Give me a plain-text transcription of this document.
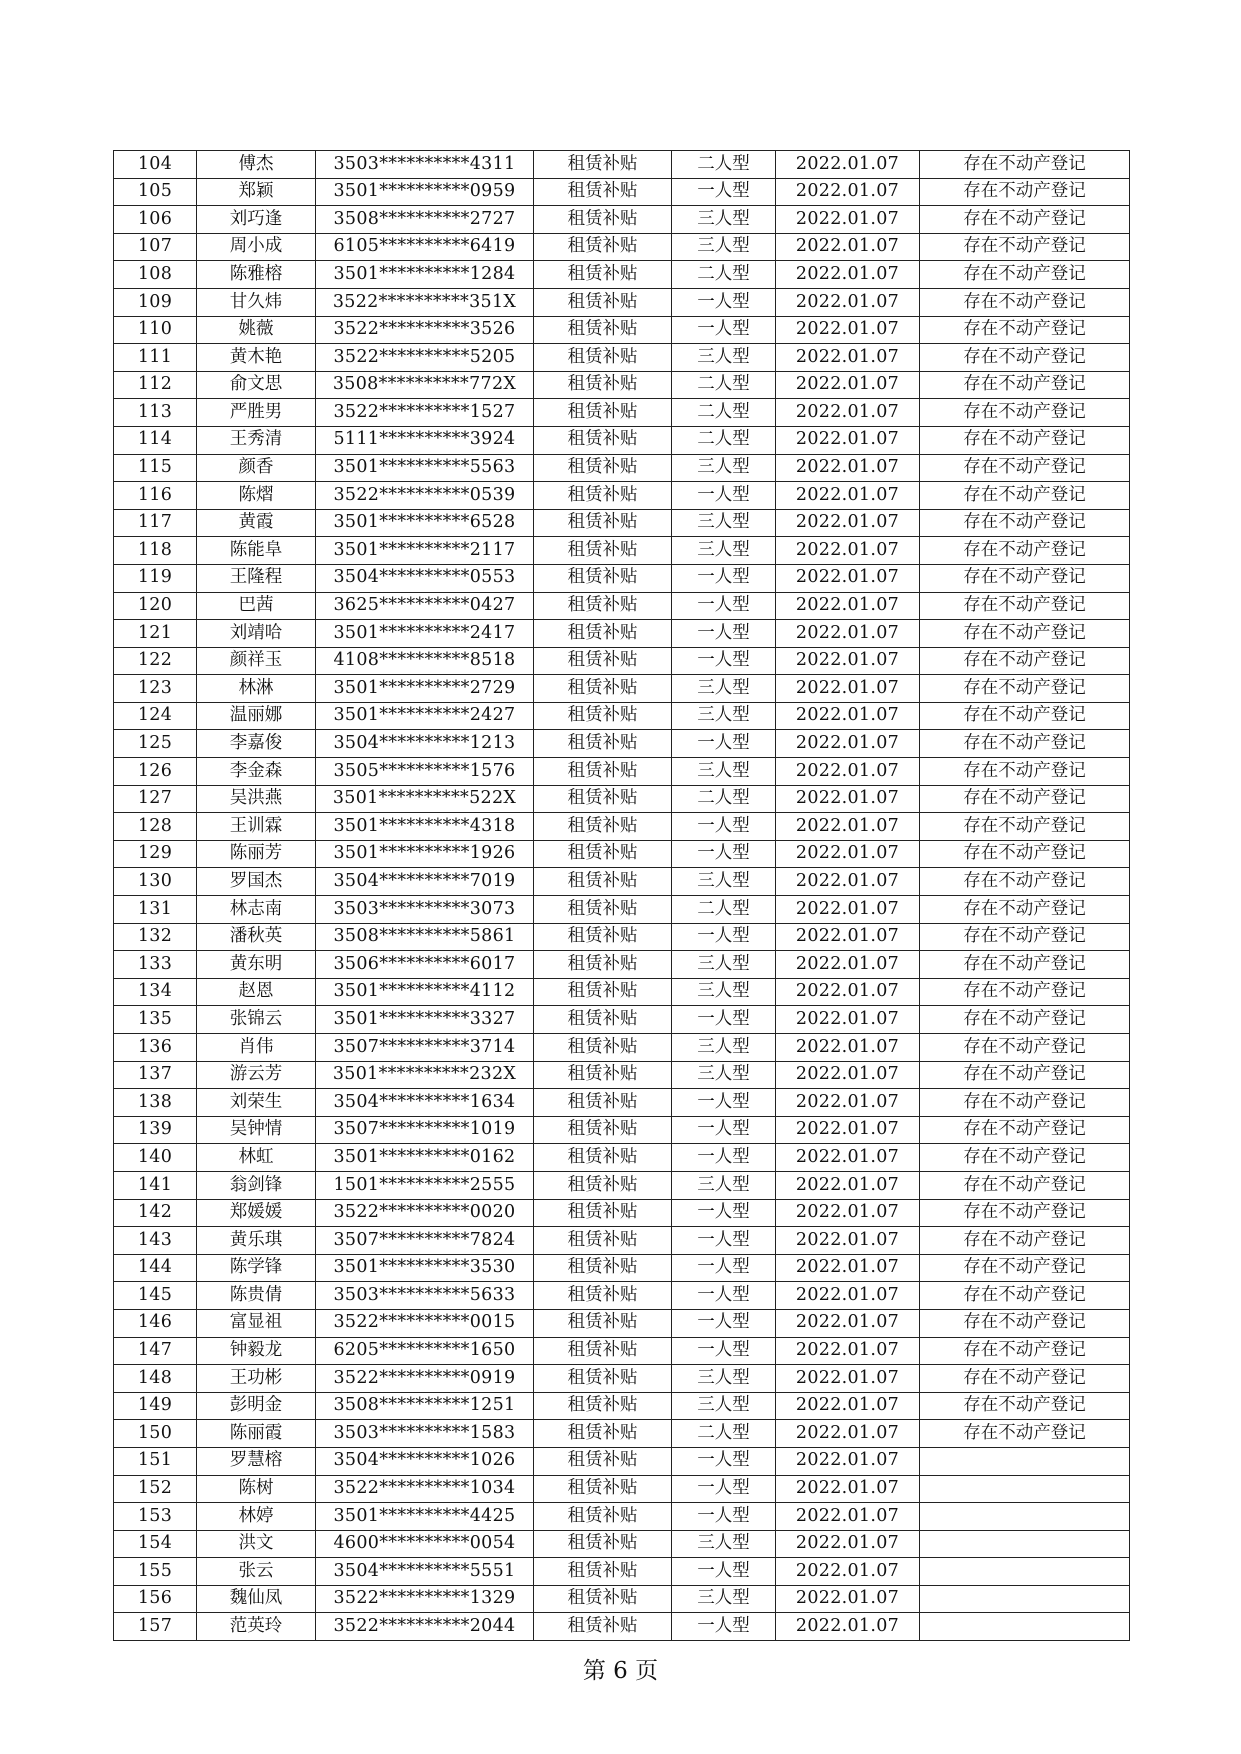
104	傅杰	3503**********4311	租赁补贴	二人型	2022.01.07	存在不动产登记
105	郑颖	3501**********0959	租赁补贴	一人型	2022.01.07	存在不动产登记
106	刘巧逢	3508**********2727	租赁补贴	三人型	2022.01.07	存在不动产登记
107	周小成	6105**********6419	租赁补贴	三人型	2022.01.07	存在不动产登记
108	陈雅榕	3501**********1284	租赁补贴	二人型	2022.01.07	存在不动产登记
109	甘久炜	3522**********351X	租赁补贴	一人型	2022.01.07	存在不动产登记
110	姚薇	3522**********3526	租赁补贴	一人型	2022.01.07	存在不动产登记
111	黄木艳	3522**********5205	租赁补贴	三人型	2022.01.07	存在不动产登记
112	俞文思	3508**********772X	租赁补贴	二人型	2022.01.07	存在不动产登记
113	严胜男	3522**********1527	租赁补贴	二人型	2022.01.07	存在不动产登记
114	王秀清	5111**********3924	租赁补贴	二人型	2022.01.07	存在不动产登记
115	颜香	3501**********5563	租赁补贴	三人型	2022.01.07	存在不动产登记
116	陈熠	3522**********0539	租赁补贴	一人型	2022.01.07	存在不动产登记
117	黄霞	3501**********6528	租赁补贴	三人型	2022.01.07	存在不动产登记
118	陈能阜	3501**********2117	租赁补贴	三人型	2022.01.07	存在不动产登记
119	王隆程	3504**********0553	租赁补贴	一人型	2022.01.07	存在不动产登记
120	巴茜	3625**********0427	租赁补贴	一人型	2022.01.07	存在不动产登记
121	刘靖哈	3501**********2417	租赁补贴	一人型	2022.01.07	存在不动产登记
122	颜祥玉	4108**********8518	租赁补贴	一人型	2022.01.07	存在不动产登记
123	林淋	3501**********2729	租赁补贴	三人型	2022.01.07	存在不动产登记
124	温丽娜	3501**********2427	租赁补贴	三人型	2022.01.07	存在不动产登记
125	李嘉俊	3504**********1213	租赁补贴	一人型	2022.01.07	存在不动产登记
126	李金森	3505**********1576	租赁补贴	三人型	2022.01.07	存在不动产登记
127	吴洪燕	3501**********522X	租赁补贴	二人型	2022.01.07	存在不动产登记
128	王训霖	3501**********4318	租赁补贴	一人型	2022.01.07	存在不动产登记
129	陈丽芳	3501**********1926	租赁补贴	一人型	2022.01.07	存在不动产登记
130	罗国杰	3504**********7019	租赁补贴	三人型	2022.01.07	存在不动产登记
131	林志南	3503**********3073	租赁补贴	二人型	2022.01.07	存在不动产登记
132	潘秋英	3508**********5861	租赁补贴	一人型	2022.01.07	存在不动产登记
133	黄东明	3506**********6017	租赁补贴	三人型	2022.01.07	存在不动产登记
134	赵恩	3501**********4112	租赁补贴	三人型	2022.01.07	存在不动产登记
135	张锦云	3501**********3327	租赁补贴	一人型	2022.01.07	存在不动产登记
136	肖伟	3507**********3714	租赁补贴	三人型	2022.01.07	存在不动产登记
137	游云芳	3501**********232X	租赁补贴	三人型	2022.01.07	存在不动产登记
138	刘荣生	3504**********1634	租赁补贴	一人型	2022.01.07	存在不动产登记
139	吴钟情	3507**********1019	租赁补贴	一人型	2022.01.07	存在不动产登记
140	林虹	3501**********0162	租赁补贴	一人型	2022.01.07	存在不动产登记
141	翁剑锋	1501**********2555	租赁补贴	三人型	2022.01.07	存在不动产登记
142	郑媛媛	3522**********0020	租赁补贴	一人型	2022.01.07	存在不动产登记
143	黄乐琪	3507**********7824	租赁补贴	一人型	2022.01.07	存在不动产登记
144	陈学锋	3501**********3530	租赁补贴	一人型	2022.01.07	存在不动产登记
145	陈贵倩	3503**********5633	租赁补贴	一人型	2022.01.07	存在不动产登记
146	富显祖	3522**********0015	租赁补贴	一人型	2022.01.07	存在不动产登记
147	钟毅龙	6205**********1650	租赁补贴	一人型	2022.01.07	存在不动产登记
148	王功彬	3522**********0919	租赁补贴	三人型	2022.01.07	存在不动产登记
149	彭明金	3508**********1251	租赁补贴	三人型	2022.01.07	存在不动产登记
150	陈丽霞	3503**********1583	租赁补贴	二人型	2022.01.07	存在不动产登记
151	罗慧榕	3504**********1026	租赁补贴	一人型	2022.01.07	
152	陈树	3522**********1034	租赁补贴	一人型	2022.01.07	
153	林婷	3501**********4425	租赁补贴	一人型	2022.01.07	
154	洪文	4600**********0054	租赁补贴	三人型	2022.01.07	
155	张云	3504**********5551	租赁补贴	一人型	2022.01.07	
156	魏仙凤	3522**********1329	租赁补贴	三人型	2022.01.07	
157	范英玲	3522**********2044	租赁补贴	一人型	2022.01.07	
第 6 页
